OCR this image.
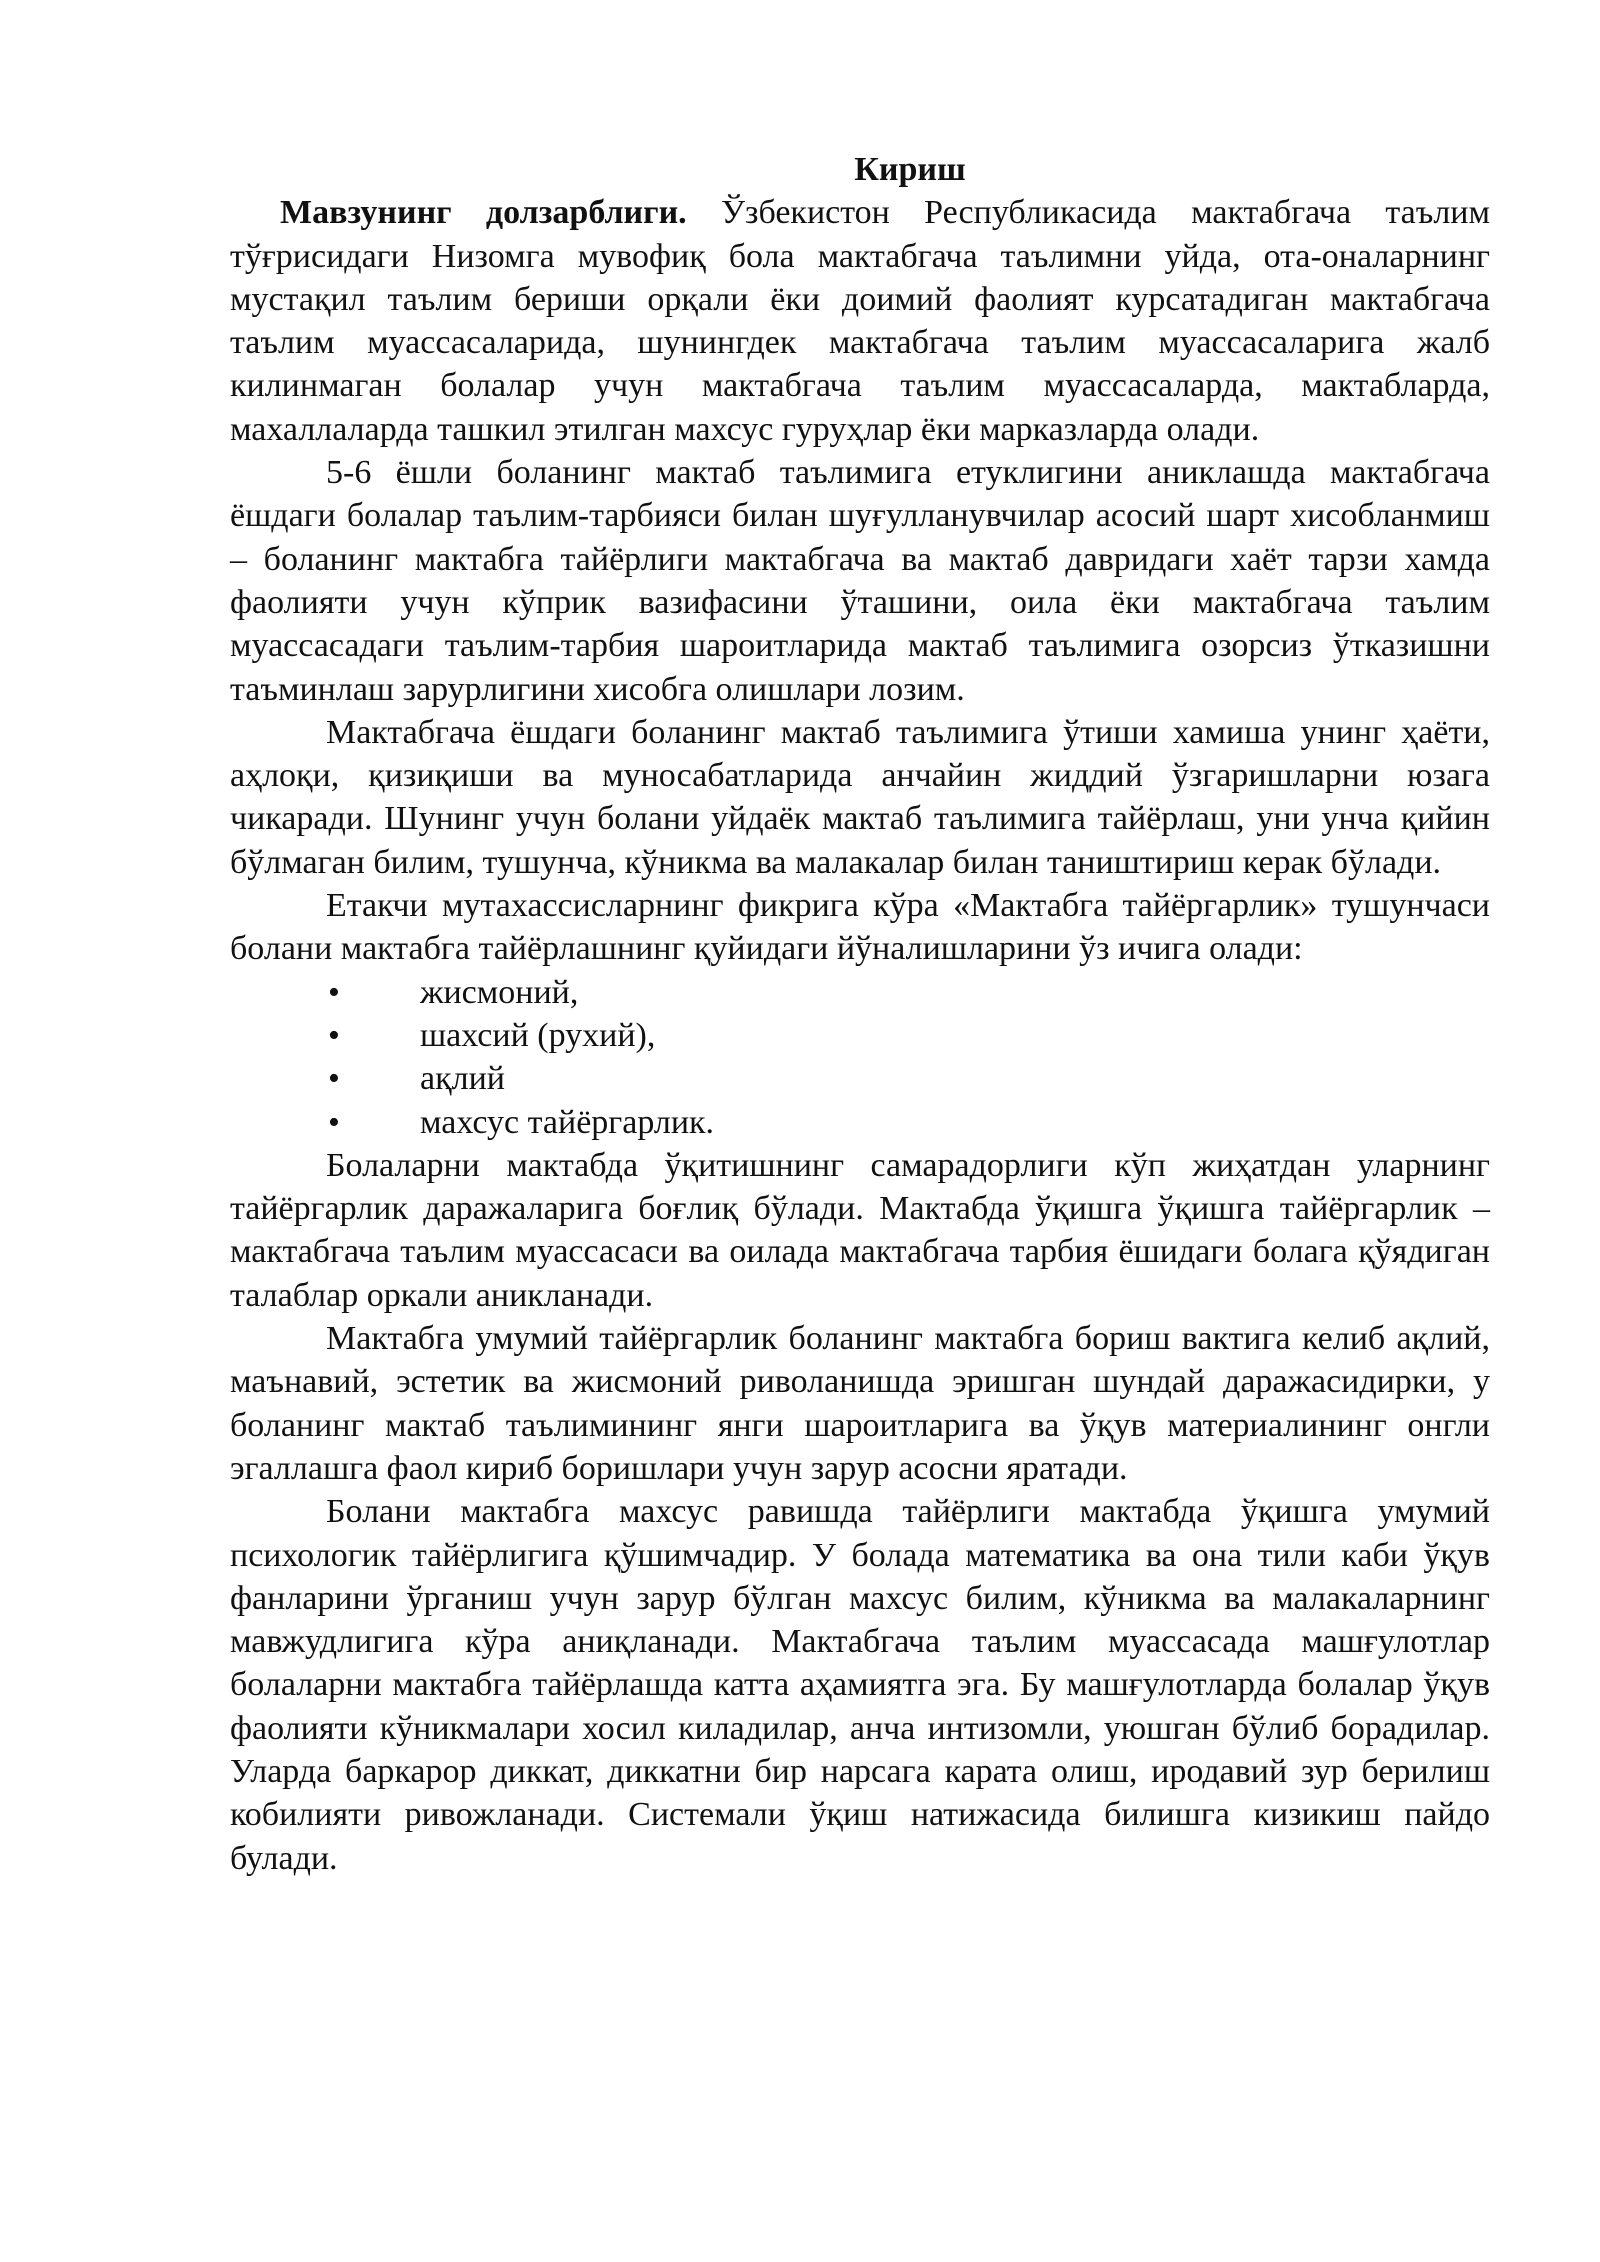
Кириш

Мавзунинг долзарблиги. Ўзбекистон Республикасида мактабгача таълим тўғрисидаги Низомга мувофиқ бола мактабгача таълимни уйда, ота-оналарнинг мустақил таълим бериши орқали ёки доимий фаолият курсатадиган мактабгача таълим муассасаларида, шунингдек мактабгача таълим муассасаларига жалб килинмаган болалар учун мактабгача таълим муассасаларда, мактабларда, махаллаларда ташкил этилган махсус гуруҳлар ёки марказларда олади.

5-6 ёшли боланинг мактаб таълимига етуклигини аниклашда мактабгача ёшдаги болалар таълим-тарбияси билан шуғулланувчилар асосий шарт хисобланмиш – боланинг мактабга тайёрлиги мактабгача ва мактаб давридаги хаёт тарзи хамда фаолияти учун кўприк вазифасини ўташини, оила ёки мактабгача таълим муассасадаги таълим-тарбия шароитларида мактаб таълимига озорсиз ўтказишни таъминлаш зарурлигини хисобга олишлари лозим.

Мактабгача ёшдаги боланинг мактаб таълимига ўтиши хамиша унинг ҳаёти, аҳлоқи, қизиқиши ва муносабатларида анчайин жиддий ўзгаришларни юзага чикаради. Шунинг учун болани уйдаёк мактаб таълимига тайёрлаш, уни унча қийин бўлмаган билим, тушунча, кўникма ва малакалар билан таништириш керак бўлади.

Етакчи мутахассисларнинг фикрига кўра «Мактабга тайёргарлик» тушунчаси болани мактабга тайёрлашнинг қуйидаги йўналишларини ўз ичига олади:

• жисмоний,
• шахсий (рухий),
• ақлий
• махсус тайёргарлик.

Болаларни мактабда ўқитишнинг самарадорлиги кўп жиҳатдан уларнинг тайёргарлик даражаларига боғлиқ бўлади. Мактабда ўқишга ўқишга тайёргарлик – мактабгача таълим муассасаси ва оилада мактабгача тарбия ёшидаги болага қўядиган талаблар оркали аникланади.

Мактабга умумий тайёргарлик боланинг мактабга бориш вактига келиб ақлий, маънавий, эстетик ва жисмоний риволанишда эришган шундай даражасидирки, у боланинг мактаб таълимининг янги шароитларига ва ўқув материалининг онгли эгаллашга фаол кириб боришлари учун зарур асосни яратади.

Болани мактабга махсус равишда тайёрлиги мактабда ўқишга умумий психологик тайёрлигига қўшимчадир. У болада математика ва она тили каби ўқув фанларини ўрганиш учун зарур бўлган махсус билим, кўникма ва малакаларнинг мавжудлигига кўра аниқланади. Мактабгача таълим муассасада машғулотлар болаларни мактабга тайёрлашда катта аҳамиятга эга. Бу машғулотларда болалар ўқув фаолияти кўникмалари хосил киладилар, анча интизомли, уюшган бўлиб борадилар. Уларда баркарор диккат, диккатни бир нарсага карата олиш, иродавий зур берилиш кобилияти ривожланади. Системали ўқиш натижасида билишга кизикиш пайдо булади.
